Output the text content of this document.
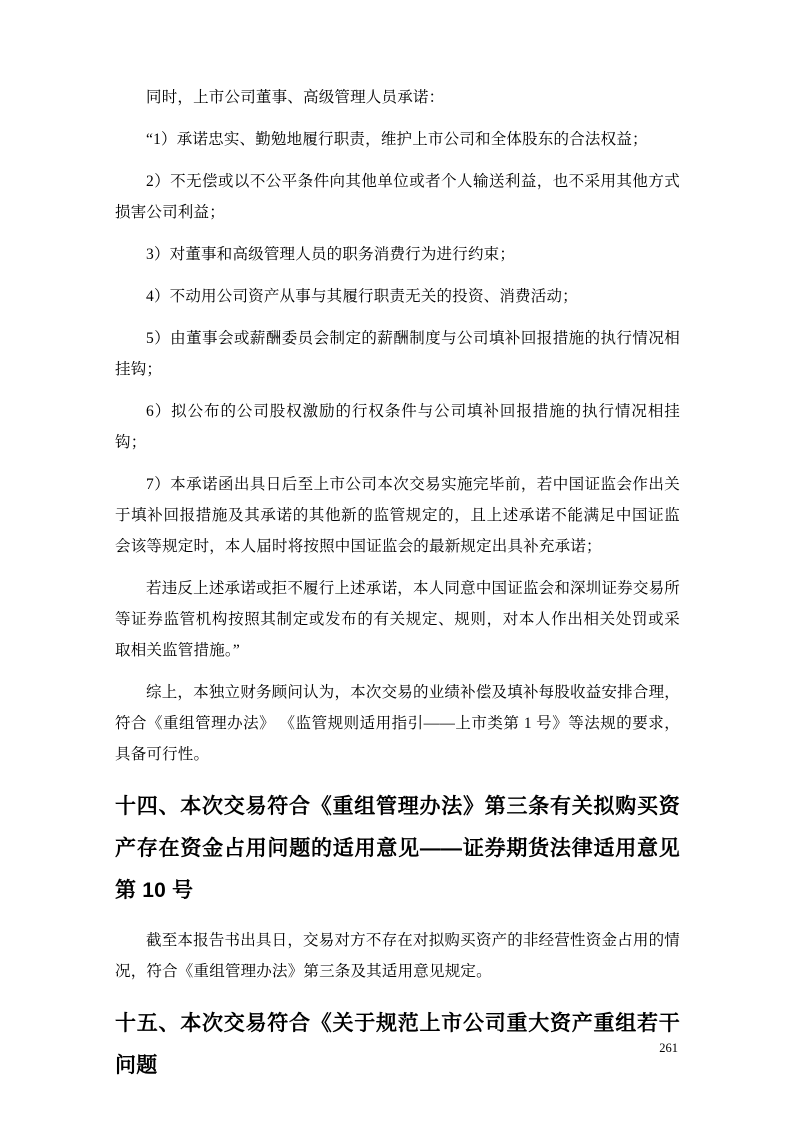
同时，上市公司董事、高级管理人员承诺：

“1）承诺忠实、勤勉地履行职责，维护上市公司和全体股东的合法权益；

2）不无偿或以不公平条件向其他单位或者个人输送利益，也不采用其他方式损害公司利益；

3）对董事和高级管理人员的职务消费行为进行约束；

4）不动用公司资产从事与其履行职责无关的投资、消费活动；

5）由董事会或薪酬委员会制定的薪酬制度与公司填补回报措施的执行情况相挂钩；

6）拟公布的公司股权激励的行权条件与公司填补回报措施的执行情况相挂钩；

7）本承诺函出具日后至上市公司本次交易实施完毕前，若中国证监会作出关于填补回报措施及其承诺的其他新的监管规定的，且上述承诺不能满足中国证监会该等规定时，本人届时将按照中国证监会的最新规定出具补充承诺；

若违反上述承诺或拒不履行上述承诺，本人同意中国证监会和深圳证券交易所等证券监管机构按照其制定或发布的有关规定、规则，对本人作出相关处罚或采取相关监管措施。”

综上，本独立财务顾问认为，本次交易的业绩补偿及填补每股收益安排合理，符合《重组管理办法》 《监管规则适用指引——上市类第 1 号》等法规的要求，具备可行性。

十四、本次交易符合《重组管理办法》第三条有关拟购买资产存在资金占用问题的适用意见——证券期货法律适用意见第 10 号

截至本报告书出具日，交易对方不存在对拟购买资产的非经营性资金占用的情况，符合《重组管理办法》第三条及其适用意见规定。

十五、本次交易符合《关于规范上市公司重大资产重组若干问题
261
